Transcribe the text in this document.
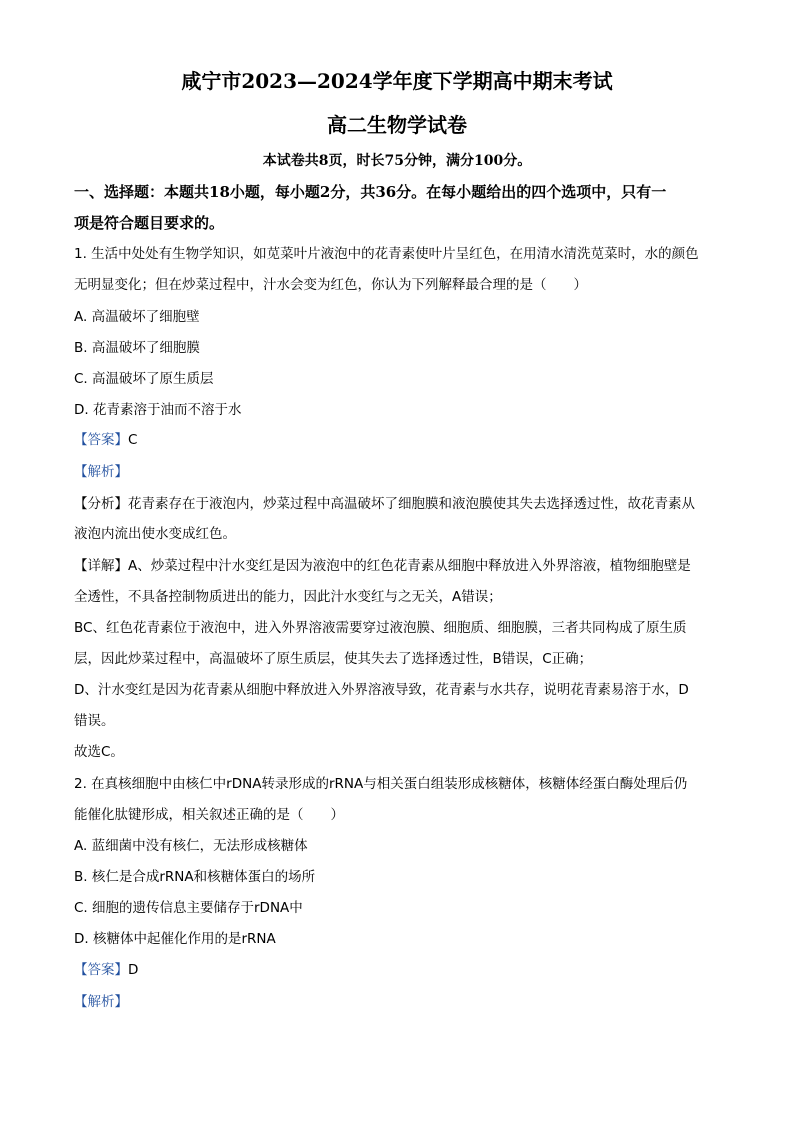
咸宁市2023—2024学年度下学期高中期末考试
高二生物学试卷
本试卷共8页，时长75分钟，满分100分。
一、选择题：本题共18小题，每小题2分，共36分。在每小题给出的四个选项中，只有一
项是符合题目要求的。
1. 生活中处处有生物学知识，如苋菜叶片液泡中的花青素使叶片呈红色，在用清水清洗苋菜时，水的颜色
无明显变化；但在炒菜过程中，汁水会变为红色，你认为下列解释最合理的是（　　）
A. 高温破坏了细胞壁
B. 高温破坏了细胞膜
C. 高温破坏了原生质层
D. 花青素溶于油而不溶于水
【答案】C
【解析】
【分析】花青素存在于液泡内，炒菜过程中高温破坏了细胞膜和液泡膜使其失去选择透过性，故花青素从
液泡内流出使水变成红色。
【详解】A、炒菜过程中汁水变红是因为液泡中的红色花青素从细胞中释放进入外界溶液，植物细胞壁是
全透性，不具备控制物质进出的能力，因此汁水变红与之无关，A错误；
BC、红色花青素位于液泡中，进入外界溶液需要穿过液泡膜、细胞质、细胞膜，三者共同构成了原生质
层，因此炒菜过程中，高温破坏了原生质层，使其失去了选择透过性，B错误，C正确；
D、汁水变红是因为花青素从细胞中释放进入外界溶液导致，花青素与水共存，说明花青素易溶于水，D
错误。
故选C。
2. 在真核细胞中由核仁中rDNA转录形成的rRNA与相关蛋白组装形成核糖体，核糖体经蛋白酶处理后仍
能催化肽键形成，相关叙述正确的是（　　）
A. 蓝细菌中没有核仁，无法形成核糖体
B. 核仁是合成rRNA和核糖体蛋白的场所
C. 细胞的遗传信息主要储存于rDNA中
D. 核糖体中起催化作用的是rRNA
【答案】D
【解析】
